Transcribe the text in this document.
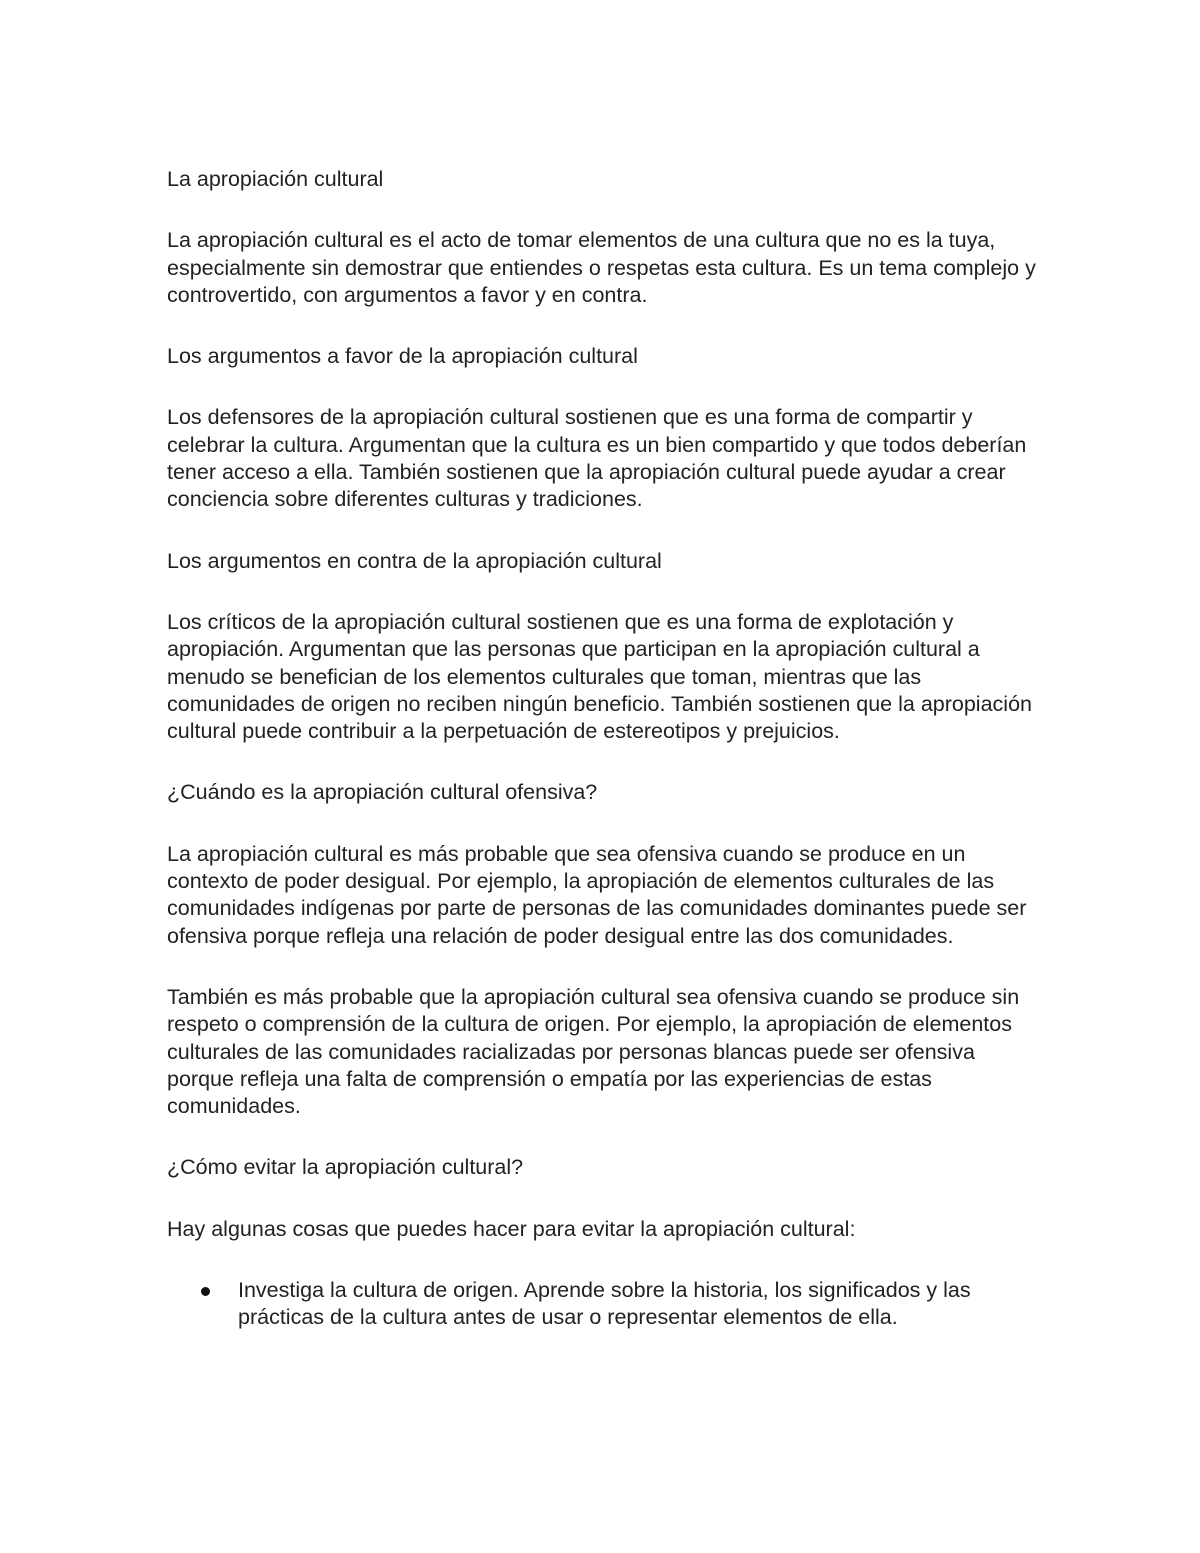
La apropiación cultural

La apropiación cultural es el acto de tomar elementos de una cultura que no es la tuya, especialmente sin demostrar que entiendes o respetas esta cultura. Es un tema complejo y controvertido, con argumentos a favor y en contra.

Los argumentos a favor de la apropiación cultural

Los defensores de la apropiación cultural sostienen que es una forma de compartir y celebrar la cultura. Argumentan que la cultura es un bien compartido y que todos deberían tener acceso a ella. También sostienen que la apropiación cultural puede ayudar a crear conciencia sobre diferentes culturas y tradiciones.

Los argumentos en contra de la apropiación cultural

Los críticos de la apropiación cultural sostienen que es una forma de explotación y apropiación. Argumentan que las personas que participan en la apropiación cultural a menudo se benefician de los elementos culturales que toman, mientras que las comunidades de origen no reciben ningún beneficio. También sostienen que la apropiación cultural puede contribuir a la perpetuación de estereotipos y prejuicios.

¿Cuándo es la apropiación cultural ofensiva?

La apropiación cultural es más probable que sea ofensiva cuando se produce en un contexto de poder desigual. Por ejemplo, la apropiación de elementos culturales de las comunidades indígenas por parte de personas de las comunidades dominantes puede ser ofensiva porque refleja una relación de poder desigual entre las dos comunidades.

También es más probable que la apropiación cultural sea ofensiva cuando se produce sin respeto o comprensión de la cultura de origen. Por ejemplo, la apropiación de elementos culturales de las comunidades racializadas por personas blancas puede ser ofensiva porque refleja una falta de comprensión o empatía por las experiencias de estas comunidades.

¿Cómo evitar la apropiación cultural?

Hay algunas cosas que puedes hacer para evitar la apropiación cultural:

Investiga la cultura de origen. Aprende sobre la historia, los significados y las prácticas de la cultura antes de usar o representar elementos de ella.
